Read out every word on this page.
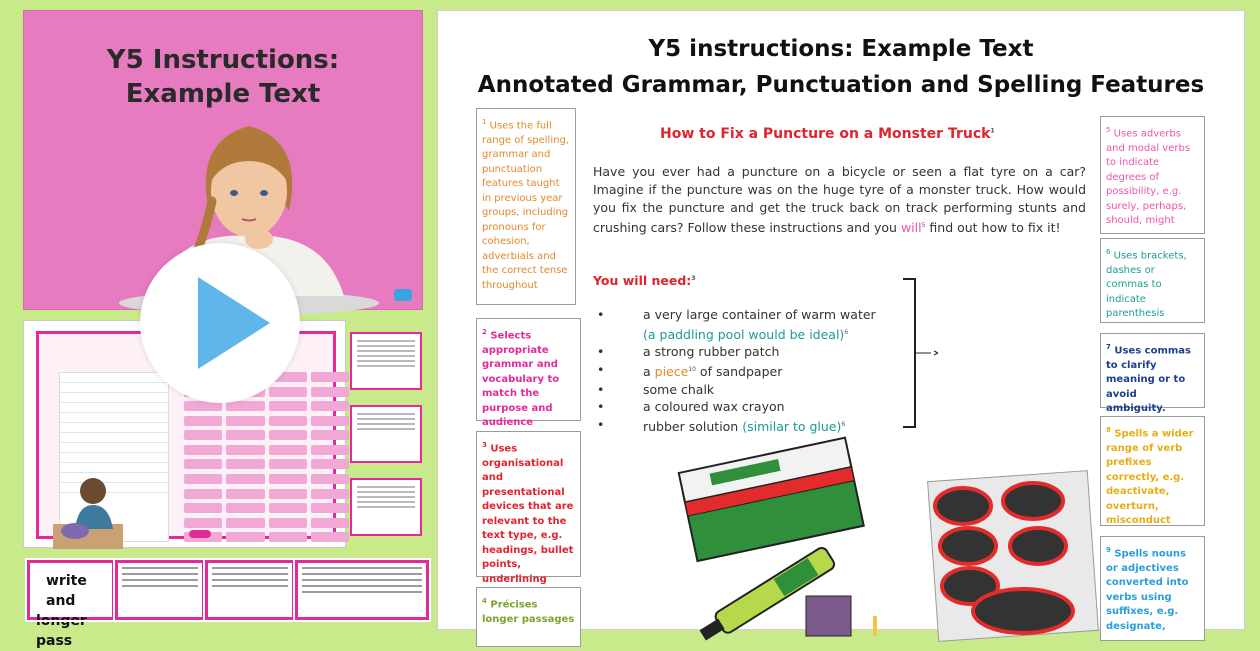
Y5 Instructions:
Example Text
write and
longer pass
Y5 instructions: Example Text
Annotated Grammar, Punctuation and Spelling Features
$^1$ Uses the full range of spelling, grammar and punctuation features taught in previous year groups, including pronouns for cohesion, adverbials and the correct tense throughout
$^2$ Selects appropriate grammar and vocabulary to match the purpose and audience
$^3$ Uses organisational and presentational devices that are relevant to the text type, e.g. headings, bullet points, underlining
$^4$ Précises longer passages
$^5$ Uses adverbs and modal verbs to indicate degrees of possibility, e.g. surely, perhaps, should, might
$^6$ Uses brackets, dashes or commas to indicate parenthesis
$^7$ Uses commas to clarify meaning or to avoid ambiguity.
$^8$ Spells a wider range of verb prefixes correctly, e.g. deactivate, overturn, misconduct
$^9$ Spells nouns or adjectives converted into verbs using suffixes, e.g. designate,
How to Fix a Puncture on a Monster Truck$^1$
Have you ever had a puncture on a bicycle or seen a flat tyre on a car? Imagine if the puncture was on the huge tyre of a monster truck. How would you fix the puncture and get the truck back on track performing stunts and crushing cars? Follow these instructions and you will$^5$ find out how to fix it!
You will need:$^3$
• a very large container of warm water
(a paddling pool would be ideal)$^6$
• a strong rubber patch
• a piece$^{10}$ of sandpaper
• some chalk
• a coloured wax crayon
• rubber solution (similar to glue)$^6$
